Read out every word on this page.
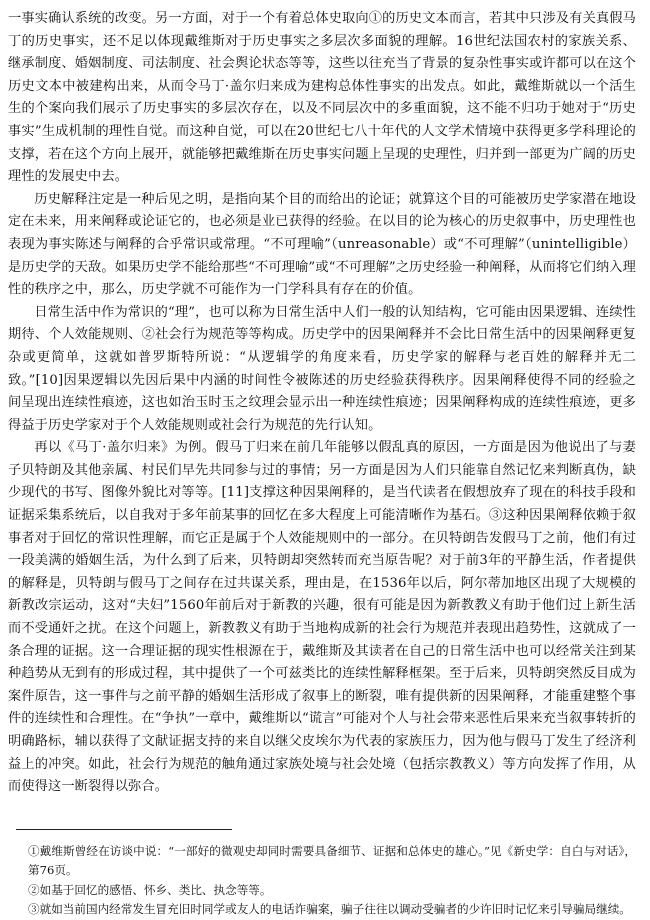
一事实确认系统的改变。另一方面，对于一个有着总体史取向①的历史文本而言，若其中只涉及有关真假马丁的历史事实，还不足以体现戴维斯对于历史事实之多层次多面貌的理解。16世纪法国农村的家族关系、继承制度、婚姻制度、司法制度、社会舆论状态等等，这些以往充当了背景的复杂性事实或许都可以在这个历史文本中被建构出来，从而令马丁·盖尔归来成为建构总体性事实的出发点。如此，戴维斯就以一个活生生的个案向我们展示了历史事实的多层次存在，以及不同层次中的多重面貌，这不能不归功于她对于“历史事实”生成机制的理性自觉。而这种自觉，可以在20世纪七八十年代的人文学术情境中获得更多学科理论的支撑，若在这个方向上展开，就能够把戴维斯在历史事实问题上呈现的史理性，归并到一部更为广阔的历史理性的发展史中去。

历史解释注定是一种后见之明，是指向某个目的而给出的论证；就算这个目的可能被历史学家潜在地设定在未来，用来阐释或论证它的，也必须是业已获得的经验。在以目的论为核心的历史叙事中，历史理性也表现为事实陈述与阐释的合乎常识或常理。“不可理喻”（unreasonable）或“不可理解”（unintelligible）是历史学的天敌。如果历史学不能给那些“不可理喻”或“不可理解”之历史经验一种阐释，从而将它们纳入理性的秩序之中，那么，历史学就不可能作为一门学科具有存在的价值。

日常生活中作为常识的“理”，也可以称为日常生活中人们一般的认知结构，它可能由因果逻辑、连续性期待、个人效能规则、②社会行为规范等等构成。历史学中的因果阐释并不会比日常生活中的因果阐释更复杂或更简单，这就如普罗斯特所说：“从逻辑学的角度来看，历史学家的解释与老百姓的解释并无二致。”[10]因果逻辑以先因后果中内涵的时间性令被陈述的历史经验获得秩序。因果阐释使得不同的经验之间呈现出连续性痕迹，这也如治玉时玉之纹理会显示出一种连续性痕迹；因果阐释构成的连续性痕迹，更多得益于历史学家对于个人效能规则或社会行为规范的先行认知。

再以《马丁·盖尔归来》为例。假马丁归来在前几年能够以假乱真的原因，一方面是因为他说出了与妻子贝特朗及其他亲属、村民们早先共同参与过的事情；另一方面是因为人们只能靠自然记忆来判断真伪，缺少现代的书写、图像外貌比对等等。[11]支撑这种因果阐释的，是当代读者在假想放弃了现在的科技手段和证据采集系统后，以自我对于多年前某事的回忆在多大程度上可能清晰作为基石。③这种因果阐释依赖于叙事者对于回忆的常识性理解，而它正是属于个人效能规则中的一部分。在贝特朗告发假马丁之前，他们有过一段美满的婚姻生活，为什么到了后来，贝特朗却突然转而充当原告呢？对于前3年的平静生活，作者提供的解释是，贝特朗与假马丁之间存在过共谋关系，理由是，在1536年以后，阿尔蒂加地区出现了大规模的新教改宗运动，这对“夫妇”1560年前后对于新教的兴趣，很有可能是因为新教教义有助于他们过上新生活而不受通奸之扰。在这个问题上，新教教义有助于当地构成新的社会行为规范并表现出趋势性，这就成了一条合理的证据。这一合理证据的现实性根源在于，戴维斯及其读者在自己的日常生活中也可以经常关注到某种趋势从无到有的形成过程，其中提供了一个可兹类比的连续性解释框架。至于后来，贝特朗突然反目成为案件原告，这一事件与之前平静的婚姻生活形成了叙事上的断裂，唯有提供新的因果阐释，才能重建整个事件的连续性和合理性。在“争执”一章中，戴维斯以“谎言”可能对个人与社会带来恶性后果来充当叙事转折的明确路标，辅以获得了文献证据支持的来自以继父皮埃尔为代表的家族压力，因为他与假马丁发生了经济利益上的冲突。如此，社会行为规范的触角通过家族处境与社会处境（包括宗教教义）等方向发挥了作用，从而使得这一断裂得以弥合。

①戴维斯曾经在访谈中说：“一部好的微观史却同时需要具备细节、证据和总体史的雄心。”见《新史学：自白与对话》，第76页。

②如基于回忆的感悟、怀乡、类比、执念等等。

③就如当前国内经常发生冒充旧时同学或友人的电话诈骗案，骗子往往以调动受骗者的少许旧时记忆来引导骗局继续。
